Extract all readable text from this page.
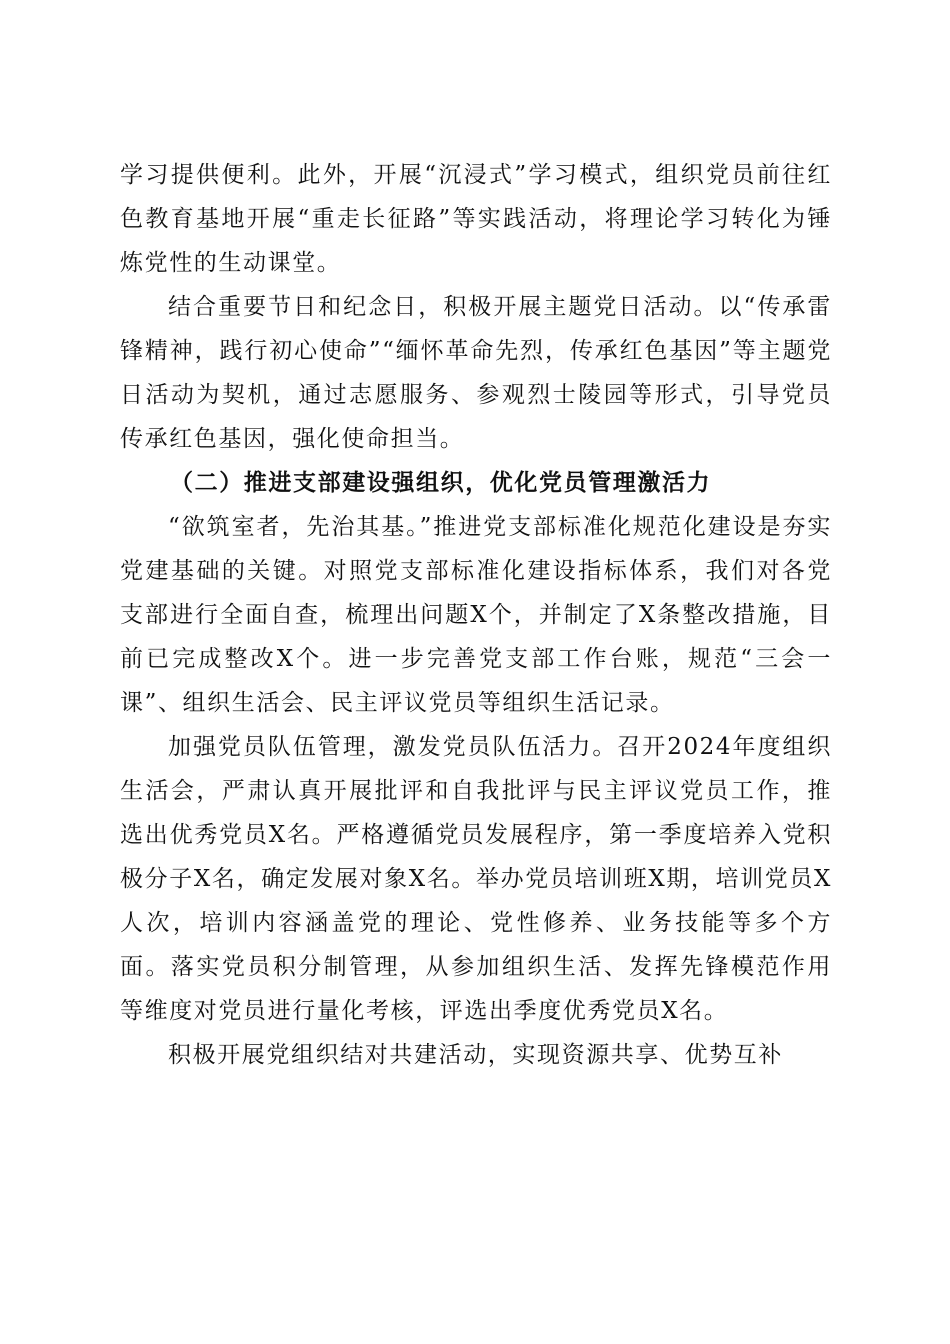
学习提供便利。此外，开展“沉浸式”学习模式，组织党员前往红色教育基地开展“重走长征路”等实践活动，将理论学习转化为锤炼党性的生动课堂。

结合重要节日和纪念日，积极开展主题党日活动。以“传承雷锋精神，践行初心使命”“缅怀革命先烈，传承红色基因”等主题党日活动为契机，通过志愿服务、参观烈士陵园等形式，引导党员传承红色基因，强化使命担当。

（二）推进支部建设强组织，优化党员管理激活力

“欲筑室者，先治其基。”推进党支部标准化规范化建设是夯实党建基础的关键。对照党支部标准化建设指标体系，我们对各党支部进行全面自查，梳理出问题X个，并制定了X条整改措施，目前已完成整改X个。进一步完善党支部工作台账，规范“三会一课”、组织生活会、民主评议党员等组织生活记录。

加强党员队伍管理，激发党员队伍活力。召开2024年度组织生活会，严肃认真开展批评和自我批评与民主评议党员工作，推选出优秀党员X名。严格遵循党员发展程序，第一季度培养入党积极分子X名，确定发展对象X名。举办党员培训班X期，培训党员X人次，培训内容涵盖党的理论、党性修养、业务技能等多个方面。落实党员积分制管理，从参加组织生活、发挥先锋模范作用等维度对党员进行量化考核，评选出季度优秀党员X名。

积极开展党组织结对共建活动，实现资源共享、优势互补
